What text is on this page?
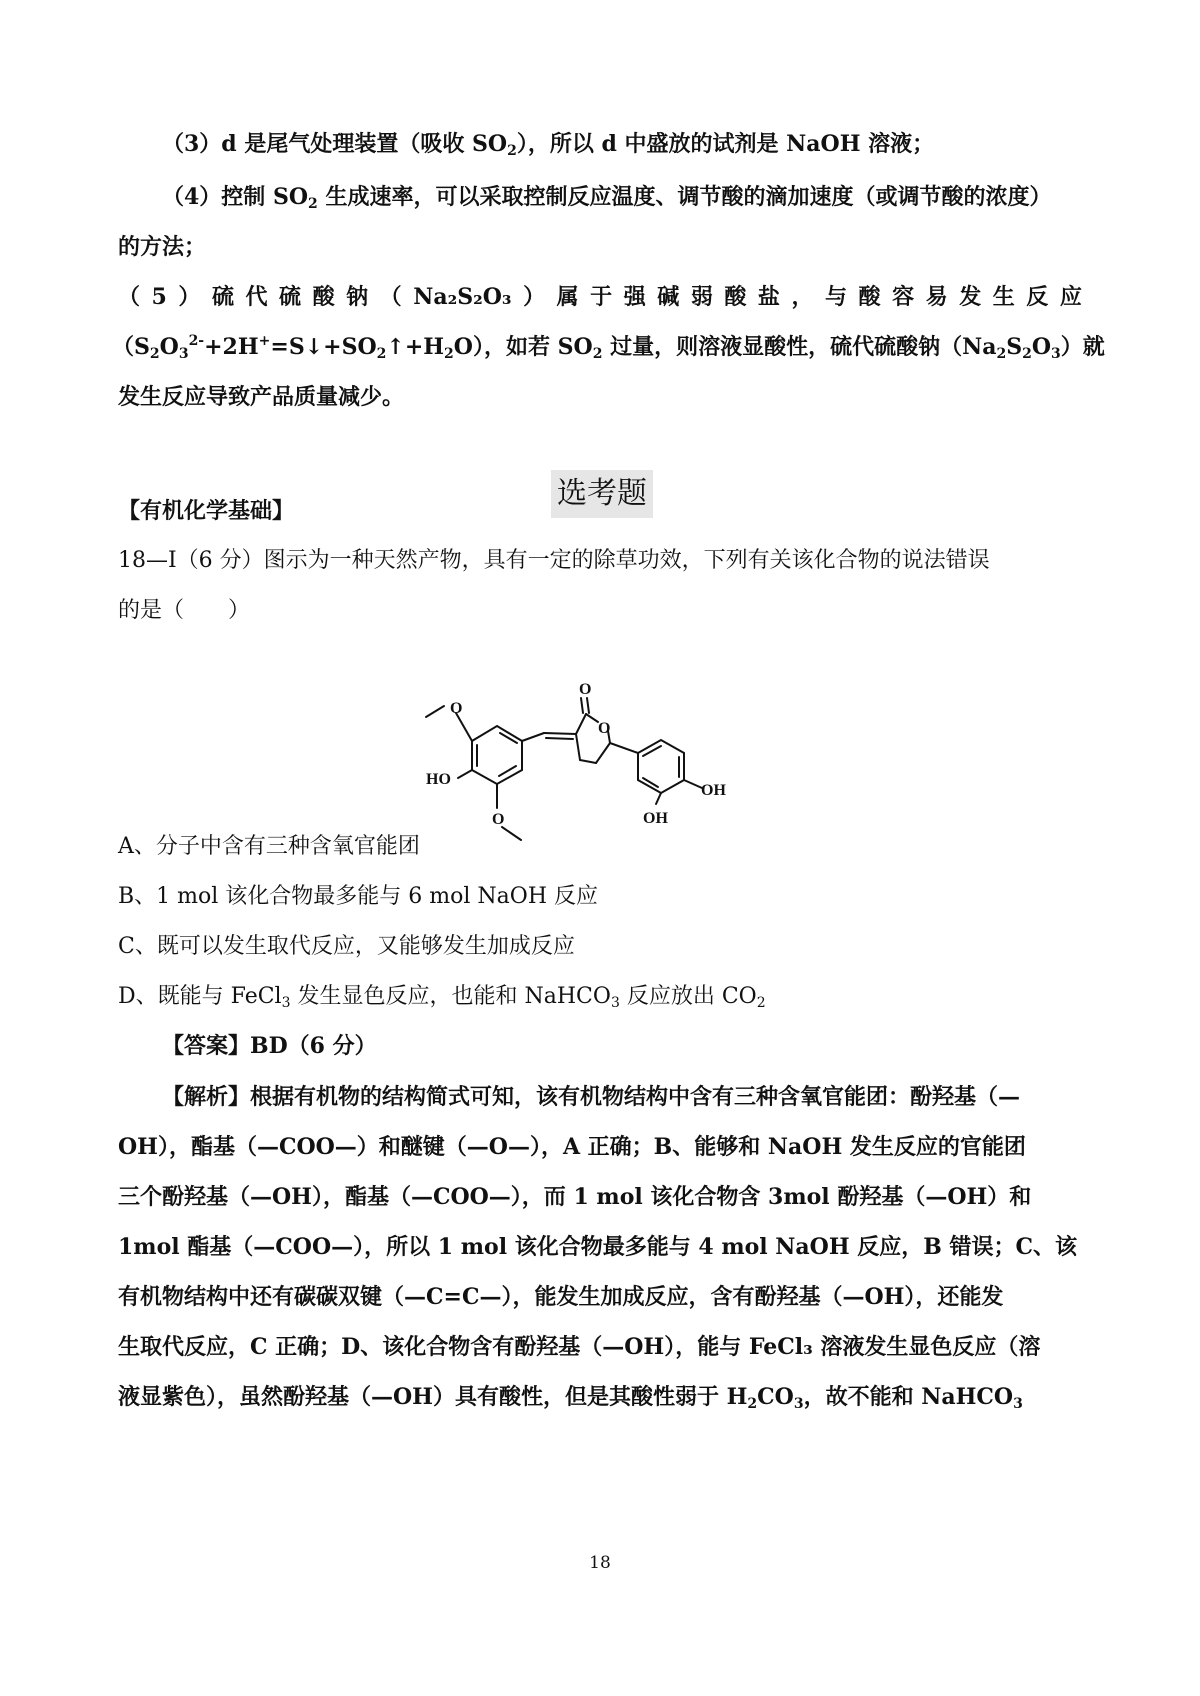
（3）d 是尾气处理装置（吸收 $SO_2$），所以 d 中盛放的试剂是 NaOH 溶液；
（4）控制 $SO_2$ 生成速率，可以采取控制反应温度、调节酸的滴加速度（或调节酸的浓度）
的方法；
（ 5 ） 硫 代 硫 酸 钠 （ Na₂S₂O₃ ） 属 于 强 碱 弱 酸 盐 ， 与 酸 容 易 发 生 反 应
$(S_2O_3^{2-}+2H^+=S↓+SO_2↑+H_2O)$，如若 $SO_2$ 过量，则溶液显酸性，硫代硫酸钠$(Na_2S_2O_3)$就
发生反应导致产品质量减少。
选考题
【有机化学基础】
18—Ⅰ（6 分）图示为一种天然产物，具有一定的除草功效，下列有关该化合物的说法错误
的是（　　）
O
O
O
O
HO
OH
OH
A、分子中含有三种含氧官能团
B、1 mol 该化合物最多能与 6 mol NaOH 反应
C、既可以发生取代反应，又能够发生加成反应
D、既能与 FeCl$_3$ 发生显色反应，也能和 NaHCO$_3$ 反应放出 $CO_2$
【答案】BD（6 分）
【解析】根据有机物的结构简式可知，该有机物结构中含有三种含氧官能团：酚羟基（—
OH），酯基（—COO—）和醚键（—O—），A 正确；B、能够和 NaOH 发生反应的官能团
三个酚羟基（—OH），酯基（—COO—），而 1 mol 该化合物含 3mol 酚羟基（—OH）和
1mol 酯基（—COO—），所以 1 mol 该化合物最多能与 4 mol NaOH 反应，B 错误；C、该
有机物结构中还有碳碳双键（—C=C—），能发生加成反应，含有酚羟基（—OH），还能发
生取代反应，C 正确；D、该化合物含有酚羟基（—OH），能与 FeCl₃ 溶液发生显色反应（溶
液显紫色），虽然酚羟基（—OH）具有酸性，但是其酸性弱于 $H_2CO_3$，故不能和 NaHCO$_3$
18
